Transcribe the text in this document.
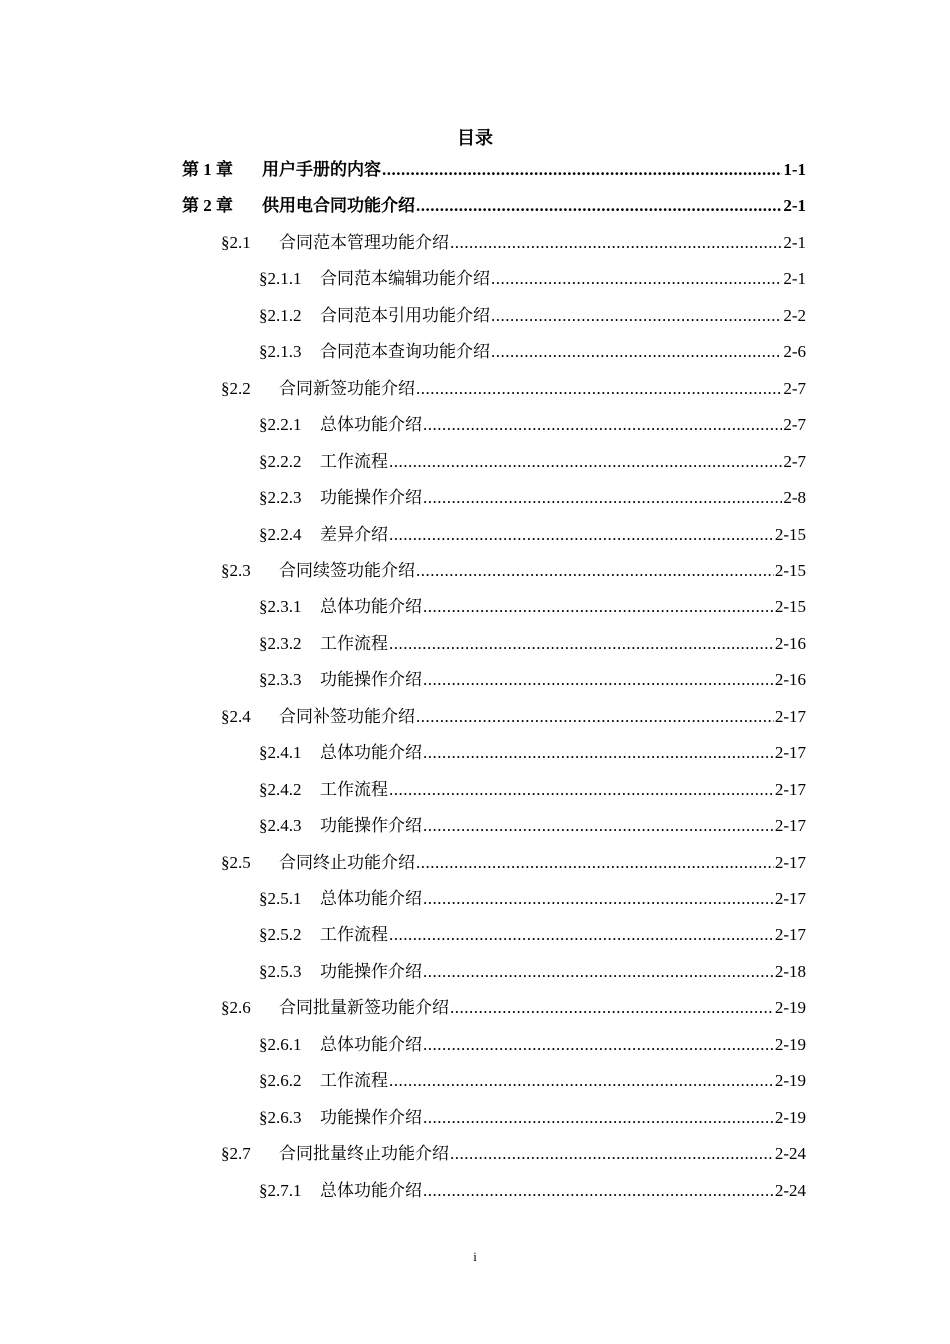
目录
第 1 章	用户手册的内容 .....	1-1
第 2 章	供用电合同功能介绍 .....	2-1
§2.1	合同范本管理功能介绍 .....	2-1
§2.1.1	合同范本编辑功能介绍 .....	2-1
§2.1.2	合同范本引用功能介绍 .....	2-2
§2.1.3	合同范本查询功能介绍 .....	2-6
§2.2	合同新签功能介绍 .....	2-7
§2.2.1	总体功能介绍 .....	2-7
§2.2.2	工作流程 .....	2-7
§2.2.3	功能操作介绍 .....	2-8
§2.2.4	差异介绍 .....	2-15
§2.3	合同续签功能介绍 .....	2-15
§2.3.1	总体功能介绍 .....	2-15
§2.3.2	工作流程 .....	2-16
§2.3.3	功能操作介绍 .....	2-16
§2.4	合同补签功能介绍 .....	2-17
§2.4.1	总体功能介绍 .....	2-17
§2.4.2	工作流程 .....	2-17
§2.4.3	功能操作介绍 .....	2-17
§2.5	合同终止功能介绍 .....	2-17
§2.5.1	总体功能介绍 .....	2-17
§2.5.2	工作流程 .....	2-17
§2.5.3	功能操作介绍 .....	2-18
§2.6	合同批量新签功能介绍 .....	2-19
§2.6.1	总体功能介绍 .....	2-19
§2.6.2	工作流程 .....	2-19
§2.6.3	功能操作介绍 .....	2-19
§2.7	合同批量终止功能介绍 .....	2-24
§2.7.1	总体功能介绍 .....	2-24
i
